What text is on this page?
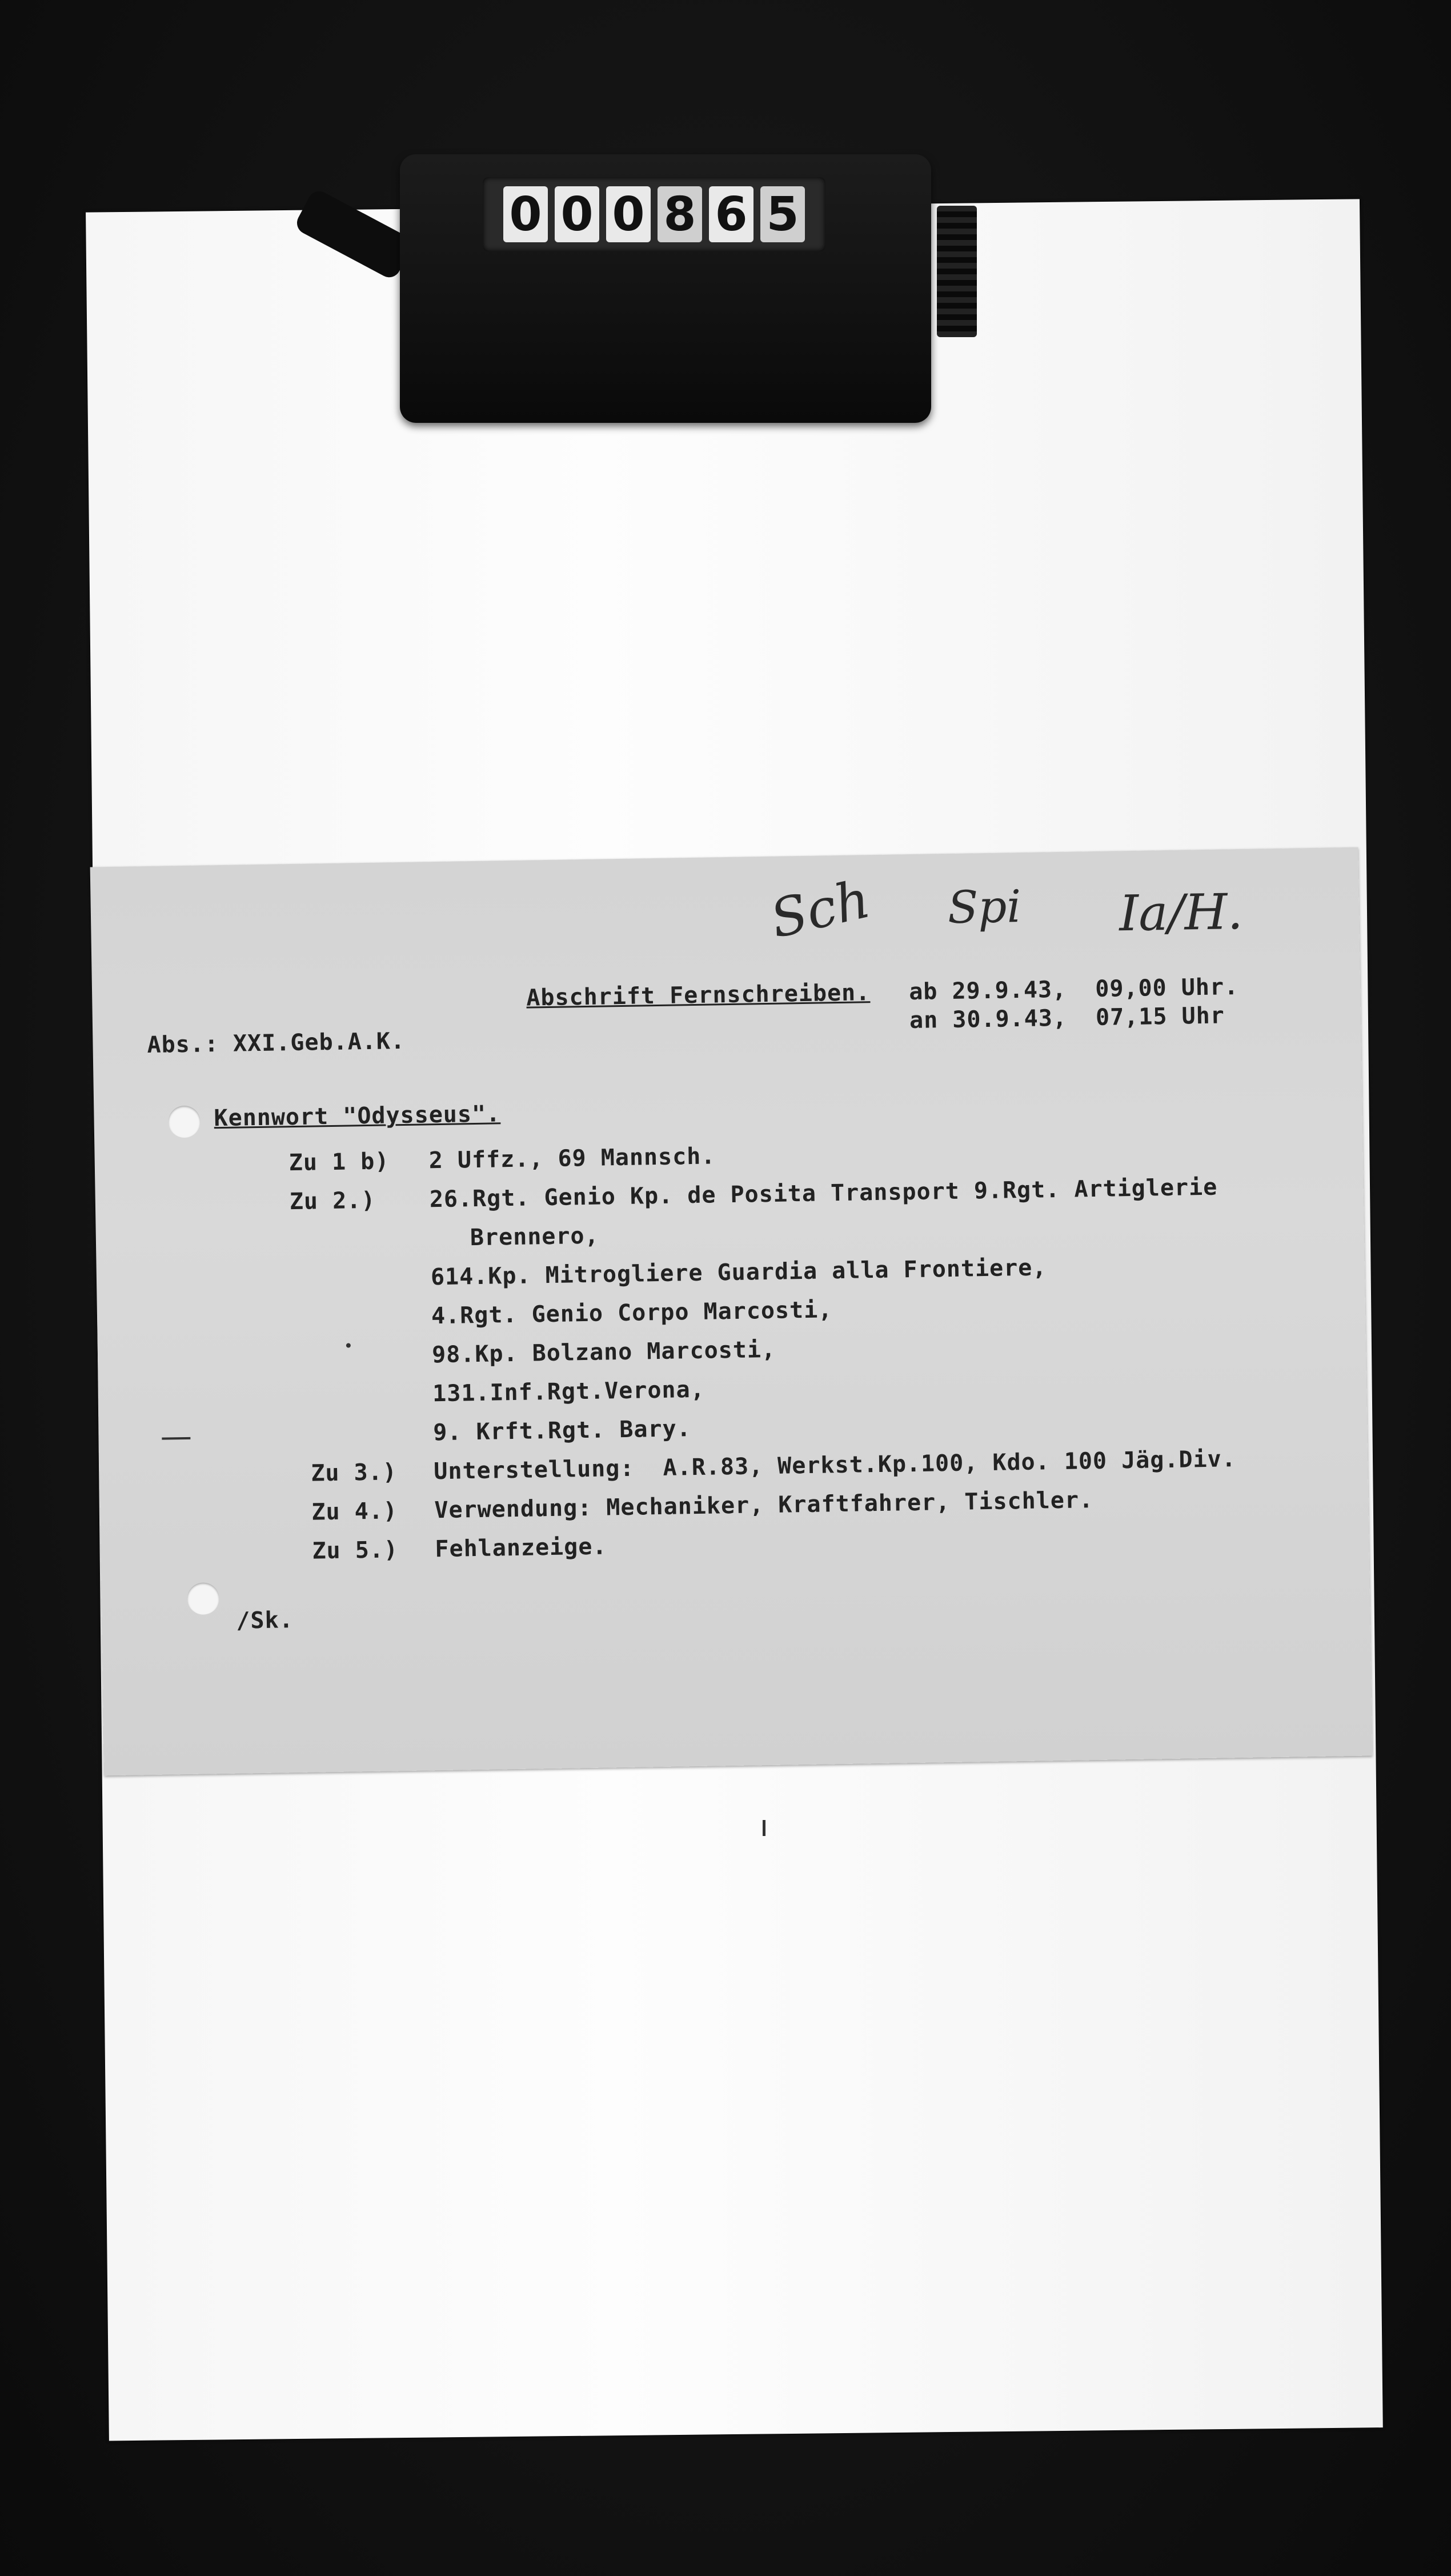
0 0 0 8 6 5
Sch Spi Ia/H.
Abschrift Fernschreiben. ab 29.9.43,  09,00 Uhr.
an 30.9.43,  07,15 Uhr
Abs.: XXI.Geb.A.K.
Kennwort "Odysseus".
Zu 1 b) 2 Uffz., 69 Mannsch.
Zu 2.) 26.Rgt. Genio Kp. de Posita Transport 9.Rgt. Artiglerie
Brennero,
614.Kp. Mitrogliere Guardia alla Frontiere,
4.Rgt. Genio Corpo Marcosti,
98.Kp. Bolzano Marcosti,
131.Inf.Rgt.Verona,
9. Krft.Rgt. Bary.
Zu 3.) Unterstellung:  A.R.83, Werkst.Kp.100, Kdo. 100 Jäg.Div.
Zu 4.) Verwendung: Mechaniker, Kraftfahrer, Tischler.
Zu 5.) Fehlanzeige.
/Sk.
